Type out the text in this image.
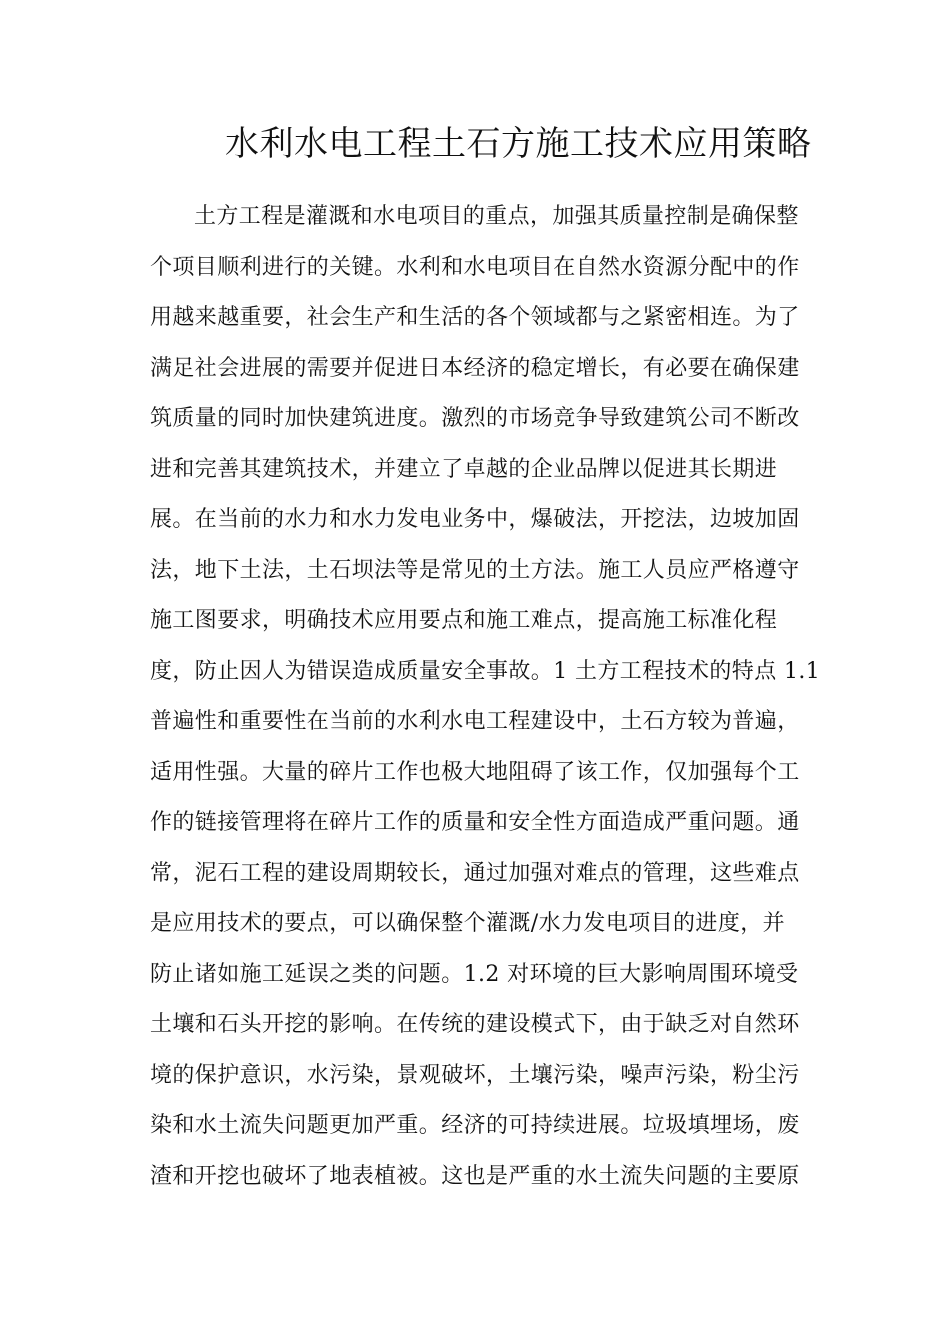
水利水电工程土石方施工技术应用策略
土方工程是灌溉和水电项目的重点，加强其质量控制是确保整
个项目顺利进行的关键。水利和水电项目在自然水资源分配中的作
用越来越重要，社会生产和生活的各个领域都与之紧密相连。为了
满足社会进展的需要并促进日本经济的稳定增长，有必要在确保建
筑质量的同时加快建筑进度。激烈的市场竞争导致建筑公司不断改
进和完善其建筑技术，并建立了卓越的企业品牌以促进其长期进
展。在当前的水力和水力发电业务中，爆破法，开挖法，边坡加固
法，地下土法，土石坝法等是常见的土方法。施工人员应严格遵守
施工图要求，明确技术应用要点和施工难点，提高施工标准化程
度，防止因人为错误造成质量安全事故。1 土方工程技术的特点 1.1
普遍性和重要性在当前的水利水电工程建设中，土石方较为普遍，
适用性强。大量的碎片工作也极大地阻碍了该工作，仅加强每个工
作的链接管理将在碎片工作的质量和安全性方面造成严重问题。通
常，泥石工程的建设周期较长，通过加强对难点的管理，这些难点
是应用技术的要点，可以确保整个灌溉/水力发电项目的进度，并
防止诸如施工延误之类的问题。1.2 对环境的巨大影响周围环境受
土壤和石头开挖的影响。在传统的建设模式下，由于缺乏对自然环
境的保护意识，水污染，景观破坏，土壤污染，噪声污染，粉尘污
染和水土流失问题更加严重。经济的可持续进展。垃圾填埋场，废
渣和开挖也破坏了地表植被。这也是严重的水土流失问题的主要原
